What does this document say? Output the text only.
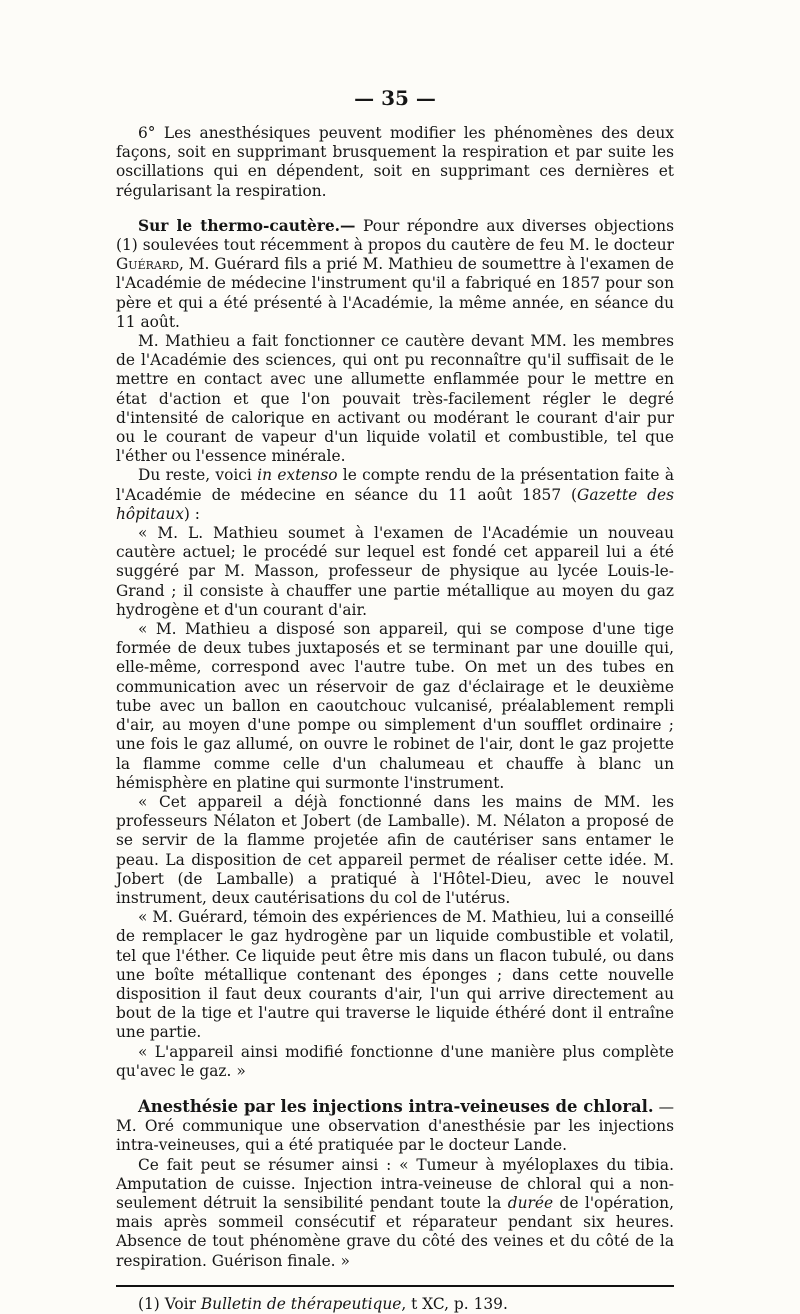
— 35 —

6° Les anesthésiques peuvent modifier les phénomènes des deux façons, soit en supprimant brusquement la respiration et par suite les oscillations qui en dépendent, soit en supprimant ces dernières et régularisant la respiration.

Sur le thermo-cautère.— Pour répondre aux diverses objections (1) soulevées tout récemment à propos du cautère de feu M. le docteur Guérard, M. Guérard fils a prié M. Mathieu de soumettre à l'examen de l'Académie de médecine l'instrument qu'il a fabriqué en 1857 pour son père et qui a été présenté à l'Académie, la même année, en séance du 11 août.

M. Mathieu a fait fonctionner ce cautère devant MM. les membres de l'Académie des sciences, qui ont pu reconnaître qu'il suffisait de le mettre en contact avec une allumette enflammée pour le mettre en état d'action et que l'on pouvait très-facilement régler le degré d'intensité de calorique en activant ou modérant le courant d'air pur ou le courant de vapeur d'un liquide volatil et combustible, tel que l'éther ou l'essence minérale.

Du reste, voici in extenso le compte rendu de la présentation faite à l'Académie de médecine en séance du 11 août 1857 (Gazette des hôpitaux) :

« M. L. Mathieu soumet à l'examen de l'Académie un nouveau cautère actuel; le procédé sur lequel est fondé cet appareil lui a été suggéré par M. Masson, professeur de physique au lycée Louis-le-Grand ; il consiste à chauffer une partie métallique au moyen du gaz hydrogène et d'un courant d'air.

« M. Mathieu a disposé son appareil, qui se compose d'une tige formée de deux tubes juxtaposés et se terminant par une douille qui, elle-même, correspond avec l'autre tube. On met un des tubes en communication avec un réservoir de gaz d'éclairage et le deuxième tube avec un ballon en caoutchouc vulcanisé, préalablement rempli d'air, au moyen d'une pompe ou simplement d'un soufflet ordinaire ; une fois le gaz allumé, on ouvre le robinet de l'air, dont le gaz projette la flamme comme celle d'un chalumeau et chauffe à blanc un hémisphère en platine qui surmonte l'instrument.

« Cet appareil a déjà fonctionné dans les mains de MM. les professeurs Nélaton et Jobert (de Lamballe). M. Nélaton a proposé de se servir de la flamme projetée afin de cautériser sans entamer le peau. La disposition de cet appareil permet de réaliser cette idée. M. Jobert (de Lamballe) a pratiqué à l'Hôtel-Dieu, avec le nouvel instrument, deux cautérisations du col de l'utérus.

« M. Guérard, témoin des expériences de M. Mathieu, lui a conseillé de remplacer le gaz hydrogène par un liquide combustible et volatil, tel que l'éther. Ce liquide peut être mis dans un flacon tubulé, ou dans une boîte métallique contenant des éponges ; dans cette nouvelle disposition il faut deux courants d'air, l'un qui arrive directement au bout de la tige et l'autre qui traverse le liquide éthéré dont il entraîne une partie.

« L'appareil ainsi modifié fonctionne d'une manière plus complète qu'avec le gaz. »

Anesthésie par les injections intra-veineuses de chloral. — M. Oré communique une observation d'anesthésie par les injections intra-veineuses, qui a été pratiquée par le docteur Lande.

Ce fait peut se résumer ainsi : « Tumeur à myéloplaxes du tibia. Amputation de cuisse. Injection intra-veineuse de chloral qui a non-seulement détruit la sensibilité pendant toute la durée de l'opération, mais après sommeil consécutif et réparateur pendant six heures. Absence de tout phénomène grave du côté des veines et du côté de la respiration. Guérison finale. »

(1) Voir Bulletin de thérapeutique, t XC, p. 139.
